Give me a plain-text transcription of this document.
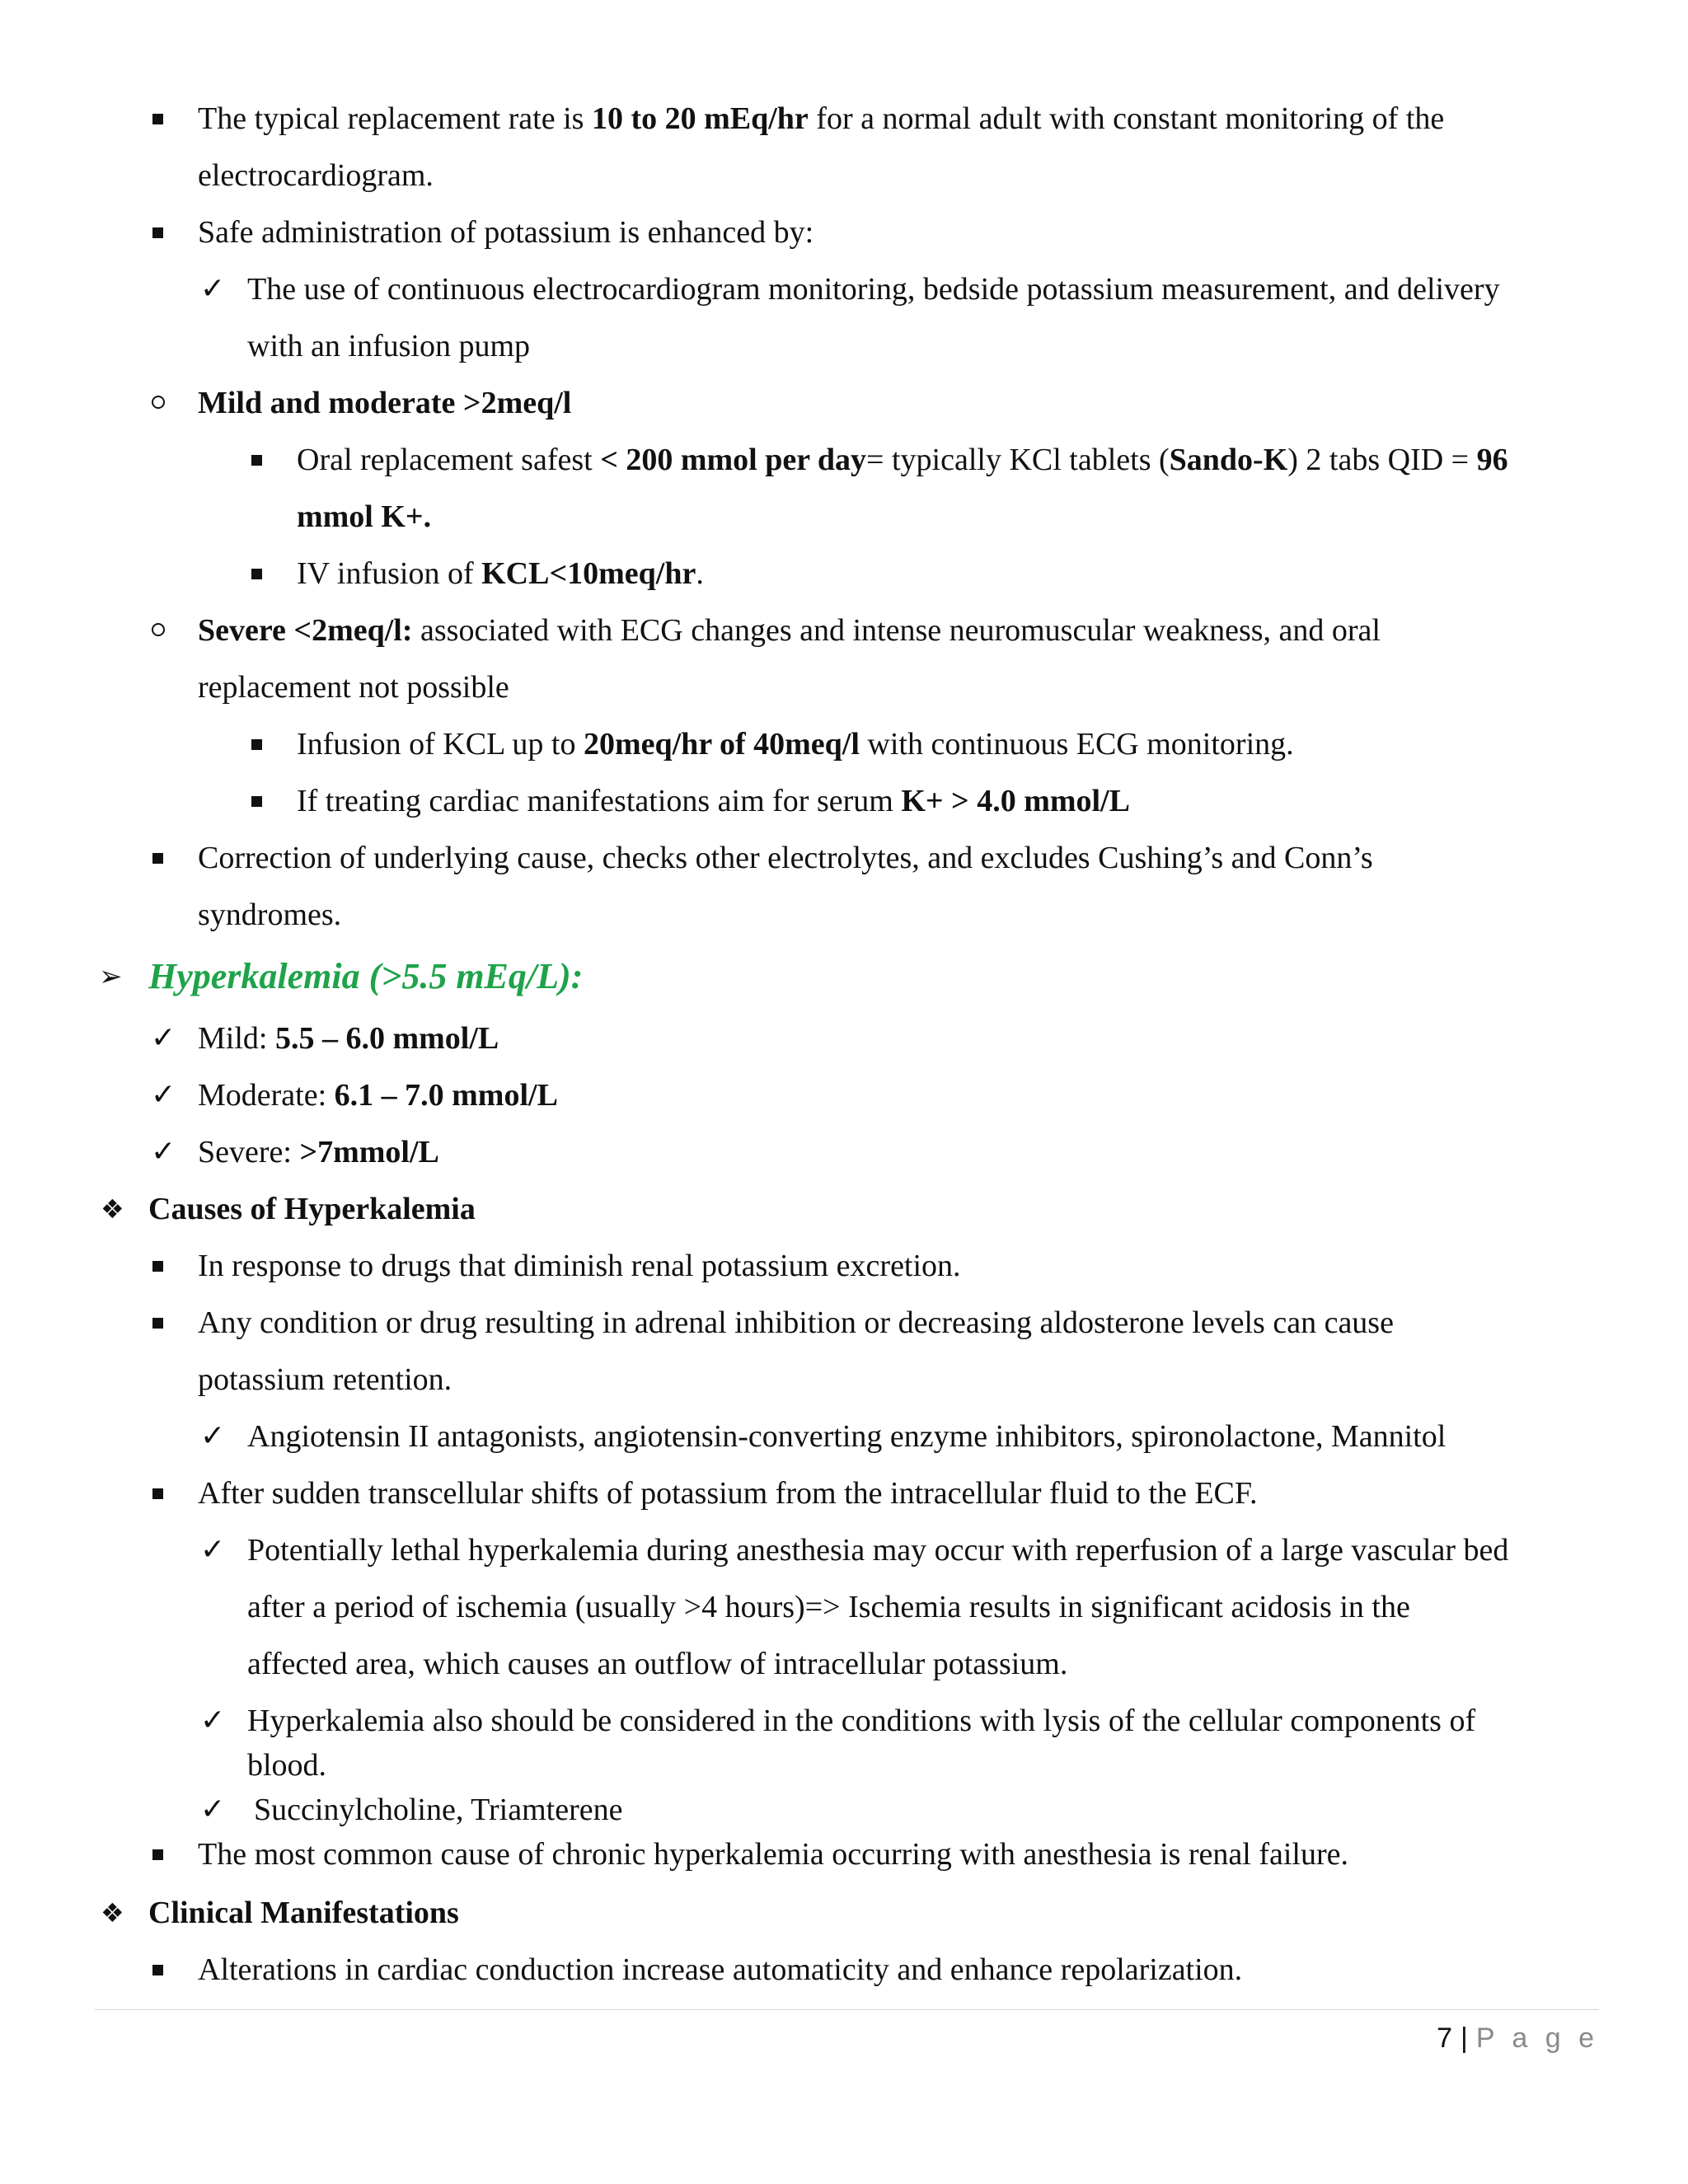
The typical replacement rate is 10 to 20 mEq/hr for a normal adult with constant monitoring of the
electrocardiogram.
Safe administration of potassium is enhanced by:
✓ The use of continuous electrocardiogram monitoring, bedside potassium measurement, and delivery
with an infusion pump
Mild and moderate >2meq/l
Oral replacement safest < 200 mmol per day= typically KCl tablets (Sando-K) 2 tabs QID = 96
mmol K+.
IV infusion of KCL<10meq/hr.
Severe <2meq/l: associated with ECG changes and intense neuromuscular weakness, and oral
replacement not possible
Infusion of KCL up to 20meq/hr of 40meq/l with continuous ECG monitoring.
If treating cardiac manifestations aim for serum K+ > 4.0 mmol/L
Correction of underlying cause, checks other electrolytes, and excludes Cushing’s and Conn’s
syndromes.
➢ Hyperkalemia (>5.5 mEq/L):
✓ Mild: 5.5 – 6.0 mmol/L
✓ Moderate: 6.1 – 7.0 mmol/L
✓ Severe: >7mmol/L
❖ Causes of Hyperkalemia
In response to drugs that diminish renal potassium excretion.
Any condition or drug resulting in adrenal inhibition or decreasing aldosterone levels can cause
potassium retention.
✓ Angiotensin II antagonists, angiotensin-converting enzyme inhibitors, spironolactone, Mannitol
After sudden transcellular shifts of potassium from the intracellular fluid to the ECF.
✓ Potentially lethal hyperkalemia during anesthesia may occur with reperfusion of a large vascular bed
after a period of ischemia (usually >4 hours)=> Ischemia results in significant acidosis in the
affected area, which causes an outflow of intracellular potassium.
✓ Hyperkalemia also should be considered in the conditions with lysis of the cellular components of
blood.
✓ Succinylcholine, Triamterene
The most common cause of chronic hyperkalemia occurring with anesthesia is renal failure.
❖ Clinical Manifestations
Alterations in cardiac conduction increase automaticity and enhance repolarization.
7 | P a g e
